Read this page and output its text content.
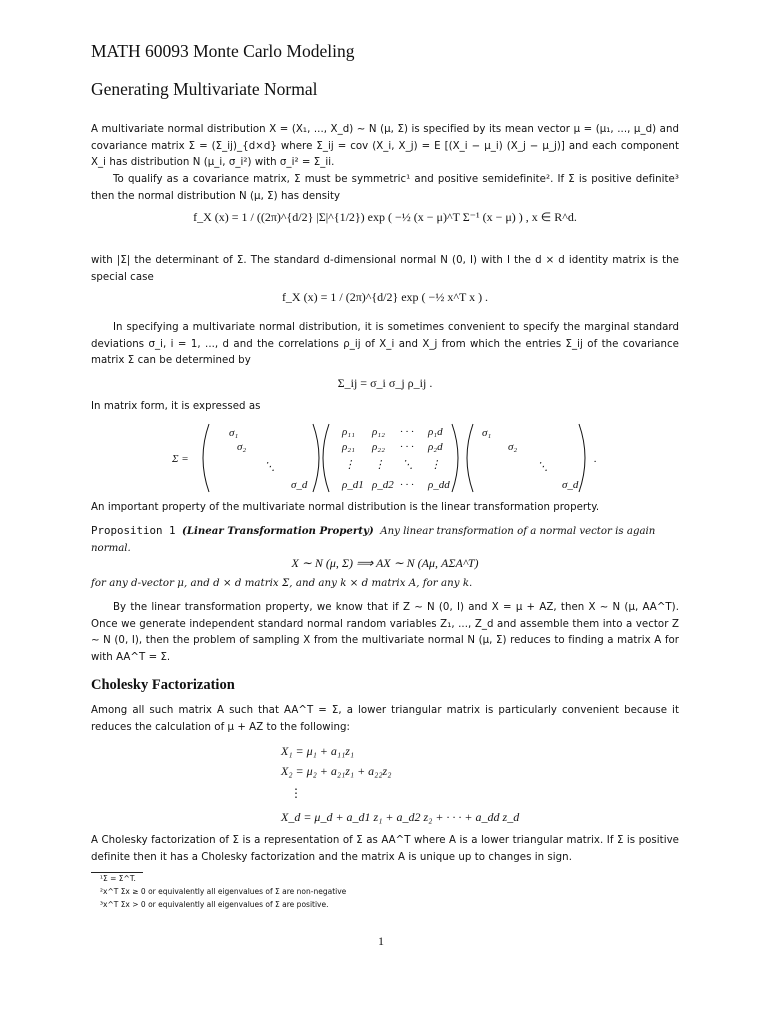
MATH 60093 Monte Carlo Modeling
Generating Multivariate Normal

A multivariate normal distribution X = (X₁, ..., X_d) ∼ N (μ, Σ) is specified by its mean vector μ = (μ₁, ..., μ_d) and covariance matrix Σ = (Σ_ij)_{d×d} where Σ_ij = cov (X_i, X_j) = E [(X_i − μ_i) (X_j − μ_j)] and each component X_i has distribution N (μ_i, σ_i²) with σ_i² = Σ_ii.

To qualify as a covariance matrix, Σ must be symmetric¹ and positive semidefinite². If Σ is positive definite³ then the normal distribution N (μ, Σ) has density

f_X (x) = 1 / ((2π)^{d/2} |Σ|^{1/2}) exp ( −½ (x − μ)^T Σ⁻¹ (x − μ) ) , x ∈ R^d.

with |Σ| the determinant of Σ. The standard d-dimensional normal N (0, I) with I the d × d identity matrix is the special case

f_X (x) = 1 / (2π)^{d/2} exp ( −½ x^T x ) .

In specifying a multivariate normal distribution, it is sometimes convenient to specify the marginal standard deviations σ_i, i = 1, ..., d and the correlations ρ_ij of X_i and X_j from which the entries Σ_ij of the covariance matrix Σ can be determined by

Σ_ij = σ_i σ_j ρ_ij .

In matrix form, it is expressed as

Σ =
σ₁
σ₂
⋱
σ_d
ρ₁₁ ρ₁₂ · · · ρ₁d
ρ₂₁ ρ₂₂ · · · ρ₂d
⋮ ⋮ ⋱ ⋮
ρ_d1 ρ_d2 · · · ρ_dd
σ₁
σ₂
⋱
σ_d
.

An important property of the multivariate normal distribution is the linear transformation property.

Proposition 1 (Linear Transformation Property) Any linear transformation of a normal vector is again normal.

X ∼ N (μ, Σ) ⟹ AX ∼ N (Aμ, AΣA^T)

for any d-vector μ, and d × d matrix Σ, and any k × d matrix A, for any k.

By the linear transformation property, we know that if Z ∼ N (0, I) and X = μ + AZ, then X ∼ N (μ, AA^T). Once we generate independent standard normal random variables Z₁, ..., Z_d and assemble them into a vector Z ∼ N (0, I), then the problem of sampling X from the multivariate normal N (μ, Σ) reduces to finding a matrix A for with AA^T = Σ.

Cholesky Factorization

Among all such matrix A such that AA^T = Σ, a lower triangular matrix is particularly convenient because it reduces the calculation of μ + AZ to the following:

X₁ = μ₁ + a₁₁z₁

X₂ = μ₂ + a₂₁z₁ + a₂₂z₂

⋮

X_d = μ_d + a_d1 z₁ + a_d2 z₂ + · · · + a_dd z_d

A Cholesky factorization of Σ is a representation of Σ as AA^T where A is a lower triangular matrix. If Σ is positive definite then it has a Cholesky factorization and the matrix A is unique up to changes in sign.

¹Σ = Σ^T.

²x^T Σx ≥ 0 or equivalently all eigenvalues of Σ are non-negative

³x^T Σx > 0 or equivalently all eigenvalues of Σ are positive.

1
